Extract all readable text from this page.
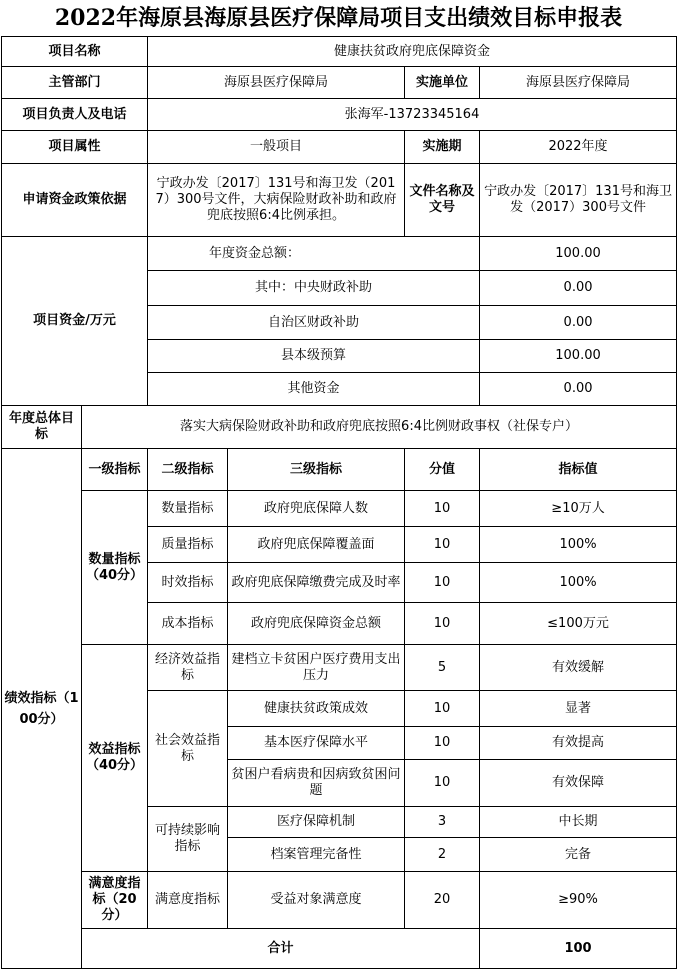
2022年海原县海原县医疗保障局项目支出绩效目标申报表
项目名称		健康扶贫政府兜底保障资金				
主管部门		海原县医疗保障局		实施单位	海原县医疗保障局	
项目负责人及电话		张海军-13723345164				
项目属性		一般项目		实施期	2022年度	
申请资金政策依据		宁政办发〔2017〕131号和海卫发（2017）300号文件，大病保险财政补助和政府兜底按照6:4比例承担。		文件名称及文号	宁政办发〔2017〕131号和海卫发（2017）300号文件	
项目资金/万元		年度资金总额：			100.00	
		其中：中央财政补助			0.00	
		自治区财政补助			0.00	
		县本级预算			100.00	
		其他资金			0.00	
年度总体目标	落实大病保险财政补助和政府兜底按照6:4比例财政事权（社保专户）					
绩效指标（100分）	一级指标	二级指标	三级指标	分值	指标值	
	数量指标（40分）	数量指标	政府兜底保障人数	10	≥10万人	
		质量指标	政府兜底保障覆盖面	10	100%	
		时效指标	政府兜底保障缴费完成及时率	10	100%	
		成本指标	政府兜底保障资金总额	10	≤100万元	
	效益指标（40分）	经济效益指标	建档立卡贫困户医疗费用支出压力	5	有效缓解	
		社会效益指标	健康扶贫政策成效	10	显著	
			基本医疗保障水平	10	有效提高	
			贫困户看病贵和因病致贫困问题	10	有效保障	
		可持续影响指标	医疗保障机制	3	中长期	
			档案管理完备性	2	完备	
	满意度指标（20分）	满意度指标	受益对象满意度	20	≥90%	
	合计				100	
